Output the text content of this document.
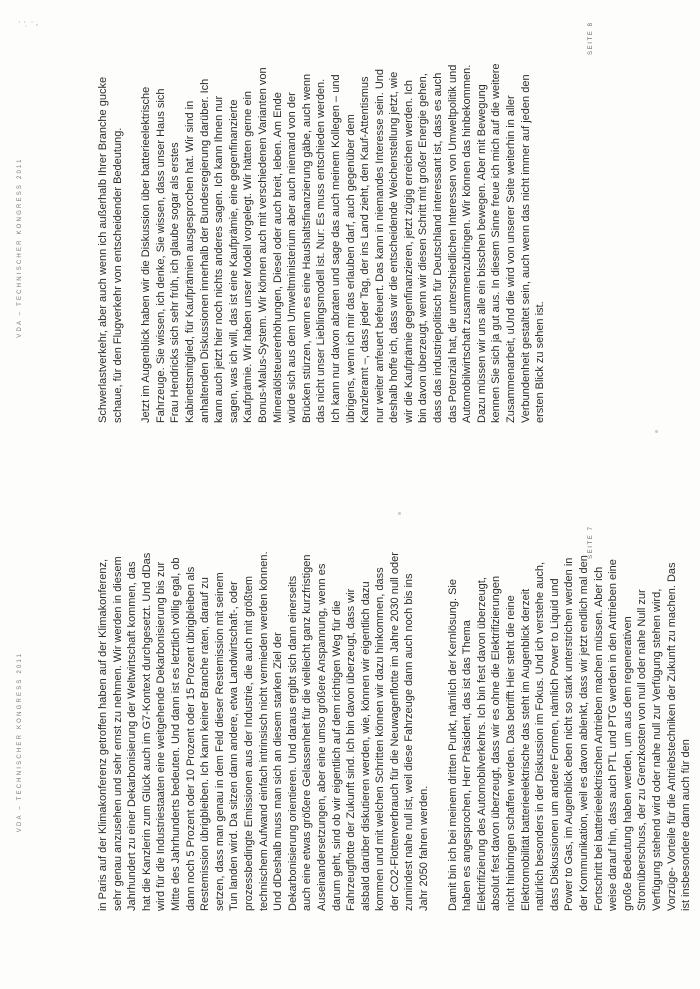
· · ̣ · ,
VDA – TECHNISCHER KONGRESS 2011	in Paris auf der Klimakonferenz getroffen haben auf der Klimakonferenz, sehr genau anzusehen und sehr ernst zu nehmen. Wir werden in diesem Jahrhundert zu einer Dekarbonisierung der Weltwirtschaft kommen, das hat die Kanzlerin zum Glück auch im G7-Kontext durchgesetzt. Und dDas wird für die Industriestaaten eine weitgehende Dekarbonisierung bis zur Mitte des Jahrhunderts bedeuten. Und dann ist es letztlich völlig egal, ob dann noch 5 Prozent oder 10 Prozent oder 15 Prozent übrigbleiben als Restemission übrigbleiben. Ich kann keiner Branche raten, darauf zu setzen, dass man genau in dem Feld dieser Restemission mit seinem Tun landen wird. Da sitzen dann andere, etwa Landwirtschaft-, oder prozessbedingte Emissionen aus der Industrie, die auch mit größtem technischem Aufwand einfach intrinsisch nicht vermieden werden können. Und dDeshalb muss man sich an diesem starken Ziel der Dekarbonisierung orientieren. Und daraus ergibt sich dann einerseits auch eine etwas größere Gelassenheit für die vielleicht ganz kurzfristigen Auseinandersetzungen, aber eine umso größere Anspannung, wenn es darum geht, sind ob wir eigentlich auf dem richtigen Weg für die Fahrzeugflotte der Zukunft sind. Ich bin davon überzeugt, dass wir alsbald darüber diskutieren werden, wie, können wir eigentlich dazu kommen und mit welchen Schritten können wir dazu hinkommen, dass der CO2-Flottenverbrauch für die Neuwagenflotte im Jahre 2030 null oder zumindest nahe null ist, weil diese Fahrzeuge dann auch noch bis ins Jahr 2050 fahren werden. Damit bin ich bei meinem dritten Punkt, nämlich der Kernlösung. Sie haben es angesprochen, Herr Präsident, das ist das Thema Elektrifizierung des Automobilverkehrs. Ich bin fest davon überzeugt, absolut fest davon überzeugt, dass wir es ohne die Elektrifizierungen nicht hinbringen schaffen werden. Das betrifft Hier steht die reine Elektromobilität batterieelektrische das steht im Augenblick derzeit natürlich besonders in der Diskussion im Fokus. Und ich verstehe auch, dass Diskussionen um andere Formen, nämlich Power to Liquid und Power to Gas, im Augenblick eben nicht so stark unterstrichen werden in der Kommunikation, weil es davon ablenkt, dass wir jetzt endlich mal den Fortschritt bei batterieelektrischen Antrieben machen müssen. Aber ich weise darauf hin, dass auch PTL und PTG werden in den Antrieben eine große Bedeutung haben werden, um aus dem regenerativen Stromüberschuss, der zu Grenzkosten von null oder nahe Null zur Verfügung stehend wird oder nahe null zur Verfügung stehen wird, Vorzüge- Vorteile für die Antriebstechniken der Zukunft zu machen. Das ist insbesondere dann auch für den

SEITE 7
VDA – TECHNISCHER KONGRESS 2011	Schwerlastverkehr, aber auch wenn ich außerhalb Ihrer Branche gucke schaue, für den Flugverkehr von entscheidender Bedeutung. Jetzt im Augenblick haben wir die Diskussion über batterieelektrische Fahrzeuge. Sie wissen, ich denke, Sie wissen, dass unser Haus sich Frau Hendricks sich sehr früh, ich glaube sogar als erstes Kabinettsmitglied, für Kaufprämien ausgesprochen hat. Wir sind in anhaltenden Diskussionen innerhalb der Bundesregierung darüber. Ich kann auch jetzt hier noch nichts anderes sagen. Ich kann Ihnen nur sagen, was ich will, das ist eine Kaufprämie, eine gegenfinanzierte Kaufprämie. Wir haben unser Modell vorgelegt. Wir hätten gerne ein Bonus-Malus-System. Wir können auch mit verschiedenen Varianten von Mineralölsteuererhöhungen, Diesel oder auch breit, leben. Am Ende würde sich aus dem Umweltministerium aber auch niemand von der Brücken stürzen, wenn es eine Haushaltsfinanzierung gäbe, auch wenn das nicht unser Lieblingsmodell ist. Nur: Es muss entschieden werden. Ich kann nur davon abraten und sage das auch meinem Kollegen – und übrigens, wenn ich mir das erlauben darf, auch gegenüber dem Kanzleramt –, dass jeder Tag, der ins Land zieht, den Kauf-Attentismus nur weiter anfeuert befeuert. Das kann in niemandes Interesse sein. Und deshalb hoffe ich, dass wir die entscheidende Weichenstellung jetzt, wie wir die Kaufprämie gegenfinanzieren, jetzt zügig erreichen werden. Ich bin davon überzeugt, wenn wir diesen Schritt mit großer Energie gehen, dass das industriepolitisch für Deutschland interessant ist, dass es auch das Potenzial hat, die unterschiedlichen Interessen von Umweltpolitik und Automobilwirtschaft zusammenzubringen. Wir können das hinbekommen. Dazu müssen wir uns alle ein bisschen bewegen. Aber mit Bewegung kennen Sie sich ja gut aus. In diesem Sinne freue ich mich auf die weitere Zusammenarbeit, uUnd die wird von unserer Seite weiterhin in aller Verbundenheit gestaltet sein, auch wenn das nicht immer auf jeden den ersten Blick zu sehen ist.

SEITE 8
